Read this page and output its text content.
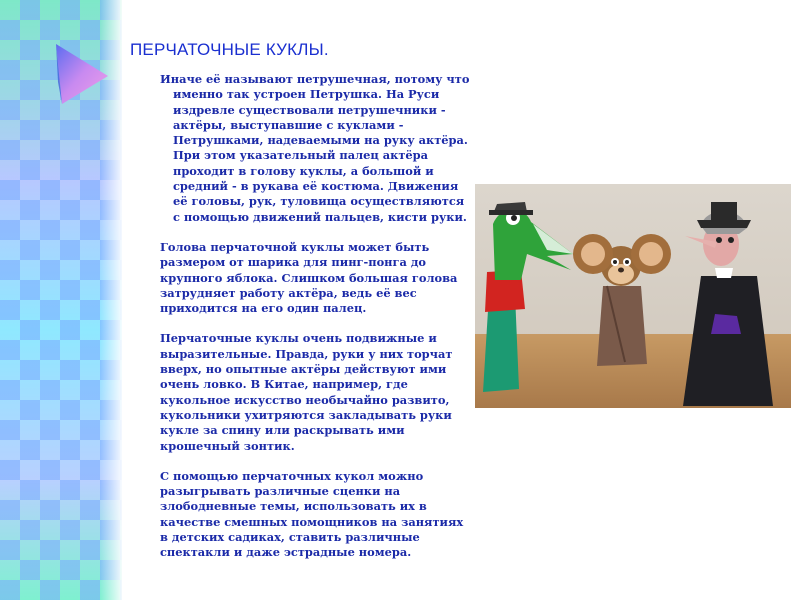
ПЕРЧАТОЧНЫЕ КУКЛЫ.

Иначе её называют петрушечная, потому что именно так устроен Петрушка. На Руси издревле существовали петрушечники - актёры, выступавшие с куклами - Петрушками, надеваемыми на руку актёра. При этом указательный палец актёра проходит в голову куклы, а большой и средний - в рукава её костюма. Движения её головы, рук, туловища осуществляются с помощью движений пальцев, кисти руки.

Голова перчаточной куклы может быть размером от шарика для пинг-понга до крупного яблока. Слишком большая голова затрудняет работу актёра, ведь её вес приходится на его один палец.

Перчаточные куклы очень подвижные и выразительные. Правда, руки у них торчат вверх, но опытные актёры действуют ими очень ловко. В Китае, например, где кукольное искусство необычайно развито, кукольники ухитряются закладывать руки кукле за спину или раскрывать ими крошечный зонтик.

С помощью перчаточных кукол можно разыгрывать различные сценки на злободневные темы, использовать их в качестве смешных помощников на занятиях в детских садиках, ставить различные спектакли и даже эстрадные номера.
